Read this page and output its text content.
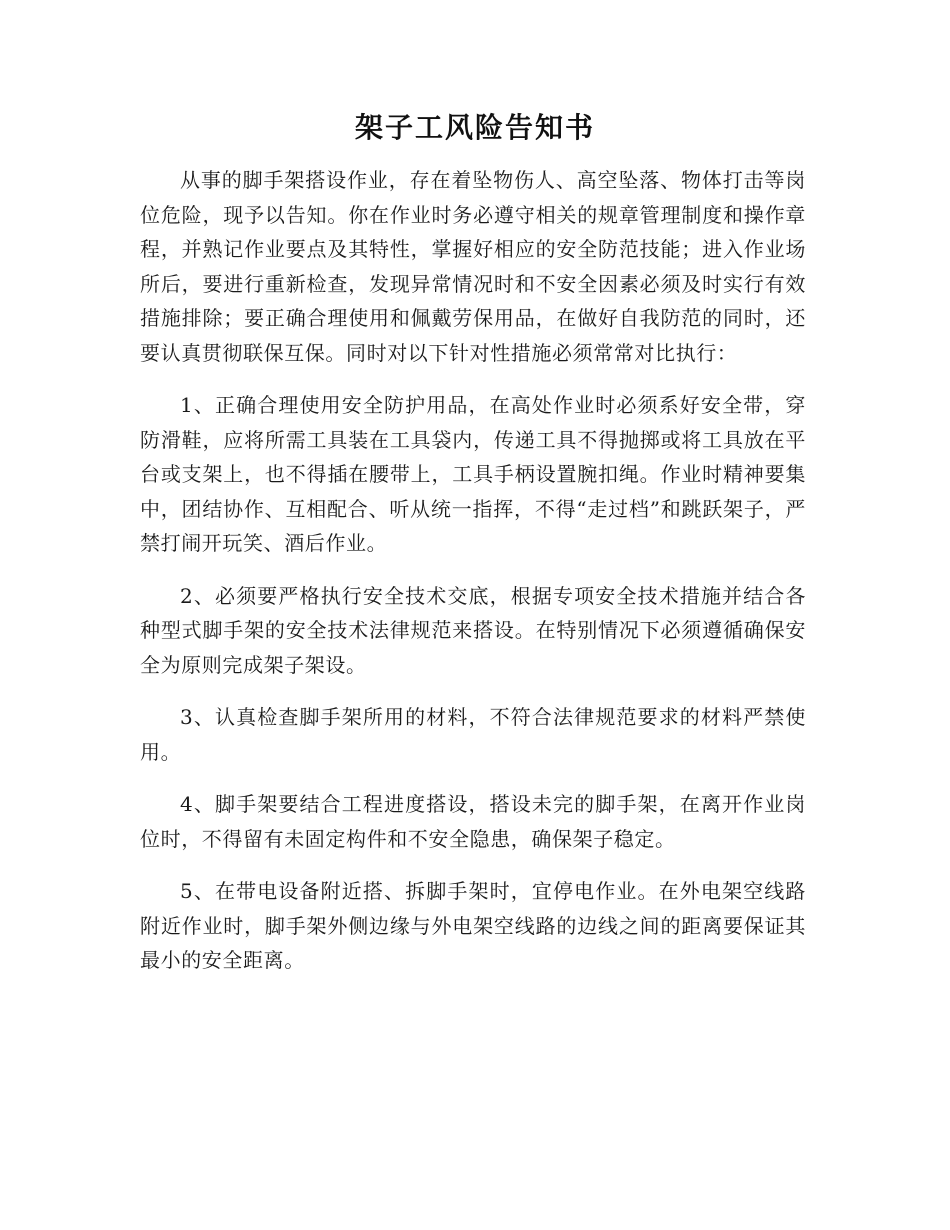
架子工风险告知书

从事的脚手架搭设作业，存在着坠物伤人、高空坠落、物体打击等岗位危险，现予以告知。你在作业时务必遵守相关的规章管理制度和操作章程，并熟记作业要点及其特性，掌握好相应的安全防范技能；进入作业场所后，要进行重新检查，发现异常情况时和不安全因素必须及时实行有效措施排除；要正确合理使用和佩戴劳保用品，在做好自我防范的同时，还要认真贯彻联保互保。同时对以下针对性措施必须常常对比执行：

1、正确合理使用安全防护用品，在高处作业时必须系好安全带，穿防滑鞋，应将所需工具装在工具袋内，传递工具不得抛掷或将工具放在平台或支架上，也不得插在腰带上，工具手柄设置腕扣绳。作业时精神要集中，团结协作、互相配合、听从统一指挥，不得“走过档”和跳跃架子，严禁打闹开玩笑、酒后作业。

2、必须要严格执行安全技术交底，根据专项安全技术措施并结合各种型式脚手架的安全技术法律规范来搭设。在特别情况下必须遵循确保安全为原则完成架子架设。

3、认真检查脚手架所用的材料，不符合法律规范要求的材料严禁使用。

4、脚手架要结合工程进度搭设，搭设未完的脚手架，在离开作业岗位时，不得留有未固定构件和不安全隐患，确保架子稳定。

5、在带电设备附近搭、拆脚手架时，宜停电作业。在外电架空线路附近作业时，脚手架外侧边缘与外电架空线路的边线之间的距离要保证其最小的安全距离。
